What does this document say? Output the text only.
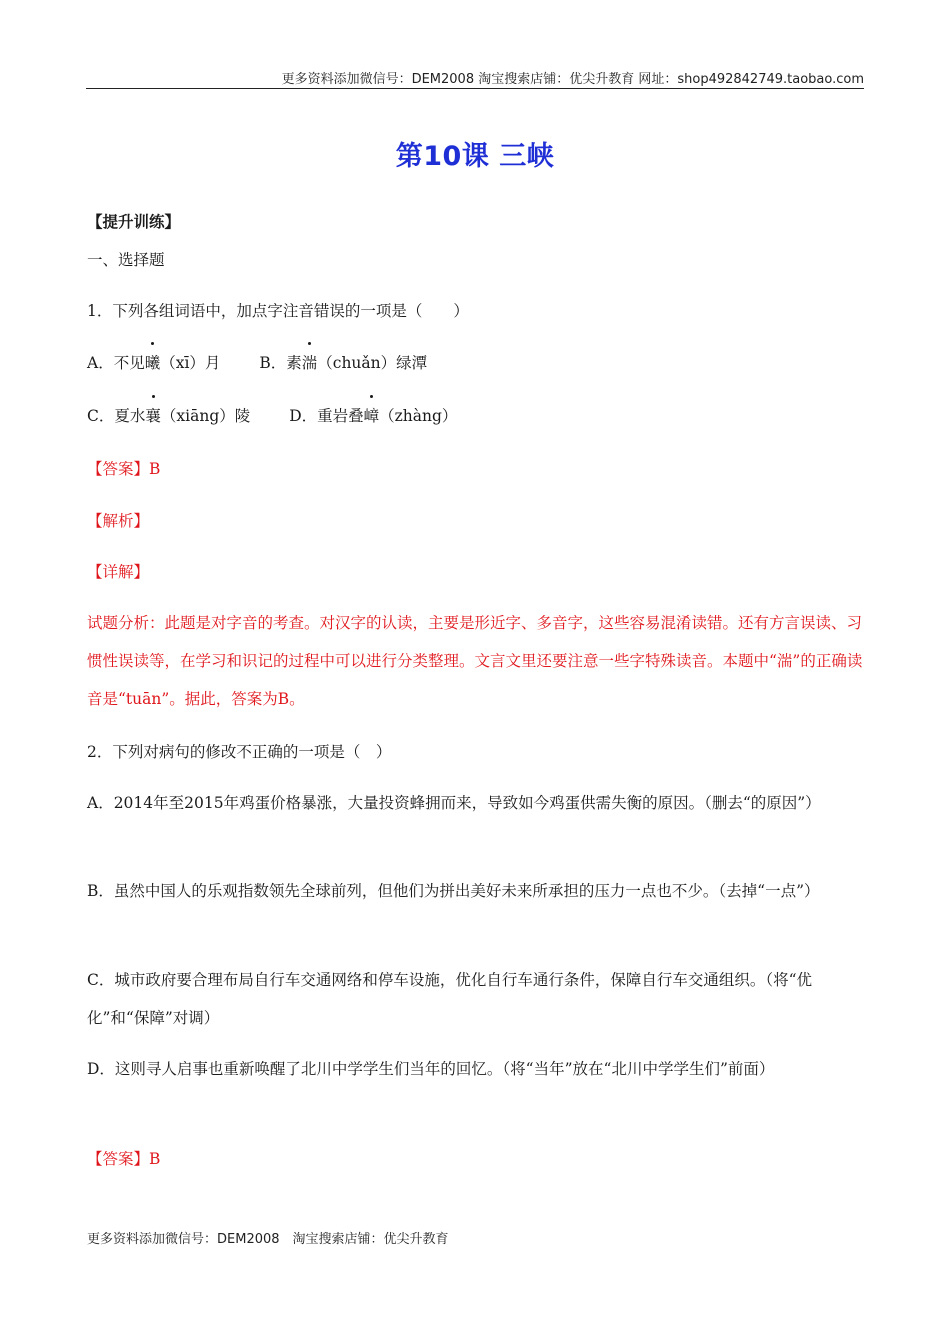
更多资料添加微信号：DEM2008 淘宝搜索店铺：优尖升教育 网址：shop492842749.taobao.com
第10课 三峡
【提升训练】
一、选择题
1．下列各组词语中，加点字注音错误的一项是（　　）
A．不见
曦（xī）月	B．素
湍（chuǎn）绿潭
C．夏水
襄（xiāng）陵	D．重岩叠
嶂（zhàng）
【答案】B
【解析】
【详解】
试题分析：此题是对字音的考查。对汉字的认读，主要是形近字、多音字，这些容易混淆读错。还有方言误读、习惯性误读等，在学习和识记的过程中可以进行分类整理。文言文里还要注意一些字特殊读音。本题中“湍”的正确读音是“tuān”。据此，答案为B。
2．下列对病句的修改不正确的一项是（　）
A．2014年至2015年鸡蛋价格暴涨，大量投资蜂拥而来，导致如今鸡蛋供需失衡的原因。（删去“的原因”）
B．虽然中国人的乐观指数领先全球前列，但他们为拼出美好未来所承担的压力一点也不少。（去掉“一点”）
C．城市政府要合理布局自行车交通网络和停车设施，优化自行车通行条件，保障自行车交通组织。（将“优化”和“保障”对调）
D．这则寻人启事也重新唤醒了北川中学学生们当年的回忆。（将“当年”放在“北川中学学生们”前面）
【答案】B
更多资料添加微信号：DEM2008　淘宝搜索店铺：优尖升教育
